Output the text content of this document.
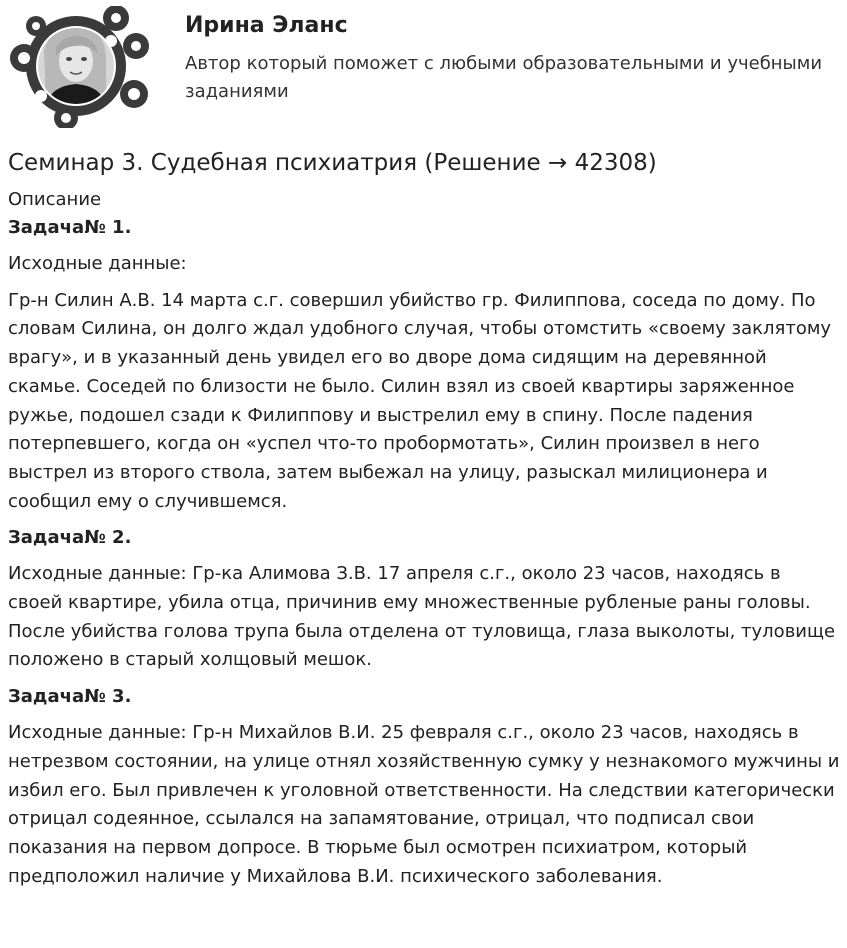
Ирина Эланс
Автор который поможет с любыми образовательными и учебными заданиями
Семинар 3. Судебная психиатрия (Решение → 42308)

Описание

Задача№ 1.

Исходные данные:

Гр-н Силин А.В. 14 марта с.г. совершил убийство гр. Филиппова, соседа по дому. По словам Силина, он долго ждал удобного случая, чтобы отомстить «своему заклятому врагу», и в указанный день увидел его во дворе дома сидящим на деревянной скамье. Соседей по близости не было. Силин взял из своей квартиры заряженное ружье, подошел сзади к Филиппову и выстрелил ему в спину. После падения потерпевшего, когда он «успел что-то пробормотать», Силин произвел в него выстрел из второго ствола, затем выбежал на улицу, разыскал милиционера и сообщил ему о случившемся.

Задача№ 2.

Исходные данные: Гр-ка Алимова З.В. 17 апреля с.г., около 23 часов, находясь в своей квартире, убила отца, причинив ему множественные рубленые раны головы. После убийства голова трупа была отделена от туловища, глаза выколоты, туловище положено в старый холщовый мешок.

Задача№ 3.

Исходные данные: Гр-н Михайлов В.И. 25 февраля с.г., около 23 часов, находясь в нетрезвом состоянии, на улице отнял хозяйственную сумку у незнакомого мужчины и избил его. Был привлечен к уголовной ответственности. На следствии категорически отрицал содеянное, ссылался на запамятование, отрицал, что подписал свои показания на первом допросе. В тюрьме был осмотрен психиатром, который предположил наличие у Михайлова В.И. психического заболевания.
